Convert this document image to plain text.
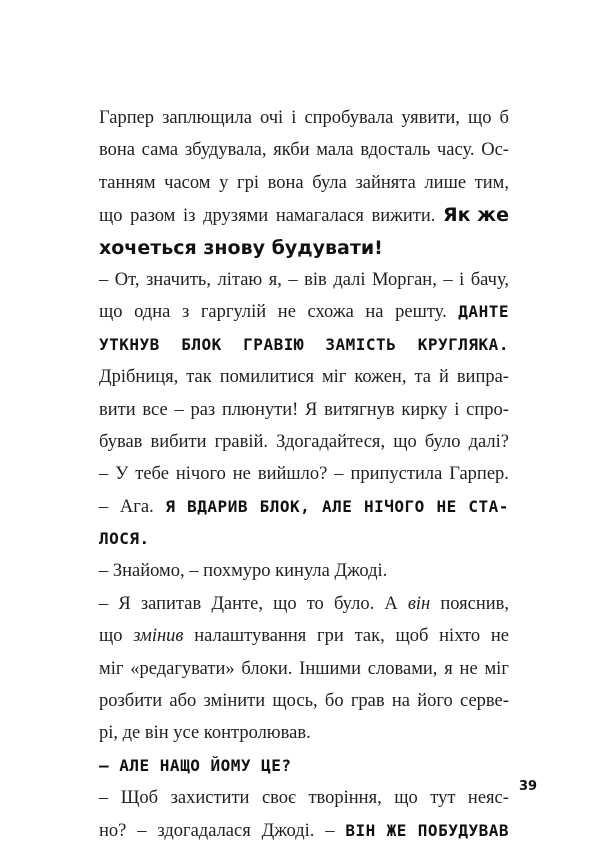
Гарпер заплющила очі і спробувала уявити, що б
вона сама збудувала, якби мала вдосталь часу. Ос-
танням часом у грі вона була зайнята лише тим,
що разом із друзями намагалася вижити. Як же
хочеться знову будувати!
– От, значить, літаю я, – вів далі Морган, – і бачу,
що одна з гаргулій не схожа на решту. ДАНТЕ
УТКНУВ БЛОК ГРАВІЮ ЗАМІСТЬ КРУГЛЯКА.
Дрібниця, так помилитися міг кожен, та й випра-
вити все – раз плюнути! Я витягнув кирку і спро-
бував вибити гравій. Здогадайтеся, що було далі?
– У тебе нічого не вийшло? – припустила Гарпер.
– Ага. Я ВДАРИВ БЛОК, АЛЕ НІЧОГО НЕ СТА-
ЛОСЯ.
– Знайомо, – похмуро кинула Джоді.
– Я запитав Данте, що то було. А він пояснив,
що змінив налаштування гри так, щоб ніхто не
міг «редагувати» блоки. Іншими словами, я не міг
розбити або змінити щось, бо грав на його серве-
рі, де він усе контролював.
– АЛЕ НАЩО ЙОМУ ЦЕ?
– Щоб захистити своє творіння, що тут неяс-
но? – здогадалася Джоді. – ВІН ЖЕ ПОБУДУВАВ
39
